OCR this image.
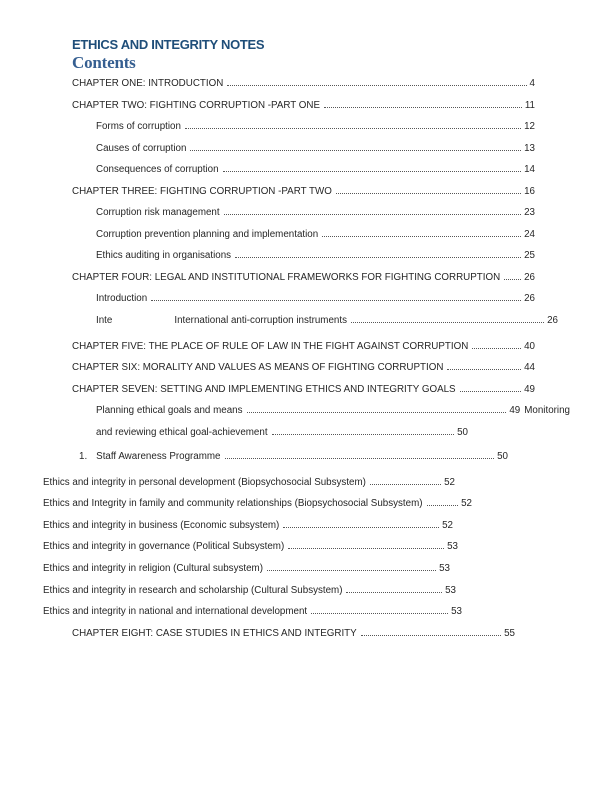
ETHICS AND INTEGRITY NOTES
Contents
CHAPTER ONE: INTRODUCTION	4
CHAPTER TWO: FIGHTING CORRUPTION -PART ONE	11
Forms of corruption	12
Causes of corruption	13
Consequences of corruption	14
CHAPTER THREE: FIGHTING CORRUPTION -PART TWO	16
Corruption risk management	23
Corruption prevention planning and implementation	24
Ethics auditing in organisations	25
CHAPTER FOUR: LEGAL AND INSTITUTIONAL FRAMEWORKS FOR FIGHTING CORRUPTION 26
Introduction	26
Inte	International anti-corruption instruments	26
CHAPTER FIVE: THE PLACE OF RULE OF LAW IN THE FIGHT AGAINST CORRUPTION	40
CHAPTER SIX: MORALITY AND VALUES AS MEANS OF FIGHTING CORRUPTION	44
CHAPTER SEVEN: SETTING AND IMPLEMENTING ETHICS AND INTEGRITY GOALS	49
Planning ethical goals and means	49 Monitoring
and reviewing ethical goal-achievement	50
1. Staff Awareness Programme	50
Ethics and integrity in personal development (Biopsychosocial Subsystem)	52
Ethics and Integrity in family and community relationships (Biopsychosocial Subsystem)	52
Ethics and integrity in business (Economic subsystem)	52
Ethics and integrity in governance (Political Subsystem)	53
Ethics and integrity in religion (Cultural subsystem)	53
Ethics and integrity in research and scholarship (Cultural Subsystem)	53
Ethics and integrity in national and international development	53
CHAPTER EIGHT: CASE STUDIES IN ETHICS AND INTEGRITY	55
